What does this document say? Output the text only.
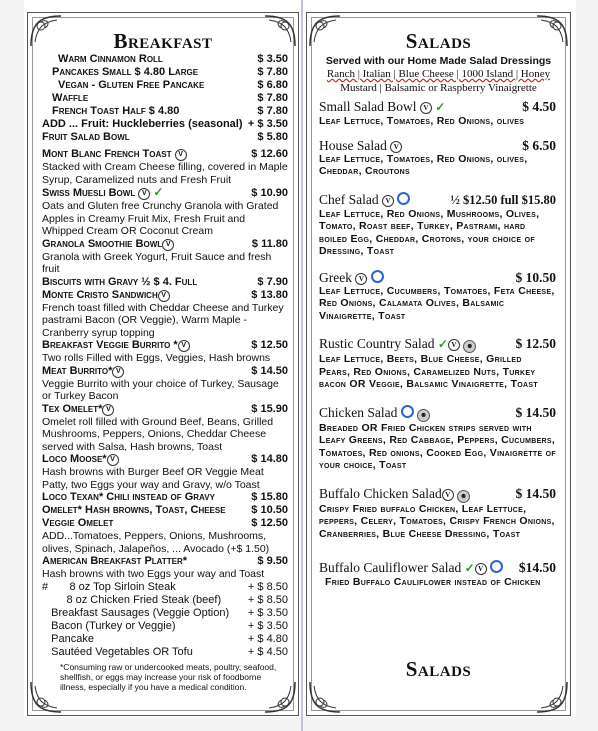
Breakfast
Warm Cinnamon Roll	$ 3.50
Pancakes Small $ 4.80 Large	$ 7.80
Vegan - Gluten Free Pancake	$ 6.80
Waffle	$ 7.80
French Toast Half $ 4.80	$ 7.80
ADD ... Fruit: Huckleberries (seasonal) + $ 3.50
Fruit Salad Bowl	$ 5.80
Mont Blanc French Toast V	$ 12.60
Stacked with Cream Cheese filling, covered in Maple Syrup, Caramelized nuts and Fresh Fruit
Swiss Muesli Bowl V ✓	$ 10.90
Oats and Gluten free Crunchy Granola with Grated Apples in Creamy Fruit Mix, Fresh Fruit and Whipped Cream OR Coconut Cream
Granola Smoothie Bowl V	$ 11.80
Granola with Greek Yogurt, Fruit Sauce and fresh fruit
Biscuits with Gravy ½ $ 4. Full	$ 7.90
Monte Cristo Sandwich V	$ 13.80
French toast filled with Cheddar Cheese and Turkey pastrami Bacon (OR Veggie), Warm Maple - Cranberry syrup topping
Breakfast Veggie Burrito * V	$ 12.50
Two rolls Filled with Eggs, Veggies, Hash browns
Meat Burrito* V	$ 14.50
Veggie Burrito with your choice of Turkey, Sausage or Turkey Bacon
Tex Omelet* V	$ 15.90
Omelet roll filled with Ground Beef, Beans, Grilled Mushrooms, Peppers, Onions, Cheddar Cheese served with Salsa, Hash browns, Toast
Loco Moose* V	$ 14.80
Hash browns with Burger Beef OR Veggie Meat Patty, two Eggs your way and Gravy, w/o Toast
Loco Texan* Chili instead of Gravy	$ 15.80
Omelet* Hash browns, Toast, Cheese $ 10.50
Veggie Omelet	$ 12.50
ADD...Tomatoes, Peppers, Onions, Mushrooms, olives, Spinach, Jalapeños, ... Avocado (+$ 1.50)
American Breakfast Platter*	$ 9.50
Hash browns with two Eggs your way and Toast
#       8 oz Top Sirloin Steak	+ $ 8.50
8 oz Chicken Fried Steak (beef) + $ 8.50
Breakfast Sausages (Veggie Option) + $ 3.50
Bacon (Turkey or Veggie)	+ $ 3.50
Pancake	+ $ 4.80
Sautéed Vegetables OR Tofu	+ $ 4.50
*Consuming raw or undercooked meats, poultry, seafood, shellfish, or eggs may increase your risk of foodborne illness, especially if you have a medical condition.
Salads
Served with our Home Made Salad Dressings
Ranch | Italian | Blue Cheese | 1000 Island | Honey
Mustard | Balsamic or Raspberry Vinaigrette
Small Salad Bowl V ✓	$ 4.50
Leaf Lettuce, Tomatoes, Red Onions, olives
House Salad V	$ 6.50
Leaf Lettuce, Tomatoes, Red Onions, olives, Cheddar, Croutons
Chef Salad V	½ $12.50 full $15.80
Leaf Lettuce, Red Onions, Mushrooms, Olives, Tomato, Roast beef, Turkey, Pastrami, hard boiled Egg, Cheddar, Crotons, your choice of Dressing, Toast
Greek V	$ 10.50
Leaf Lettuce, Cucumbers, Tomatoes, Feta Cheese, Red Onions, Calamata Olives, Balsamic Vinaigrette, Toast
Rustic Country Salad ✓ V ☻	$ 12.50
Leaf Lettuce, Beets, Blue Cheese, Grilled Pears, Red Onions, Caramelized Nuts, Turkey bacon OR Veggie, Balsamic Vinaigrette, Toast
Chicken Salad	☻	$ 14.50
Breaded OR Fried Chicken strips served with Leafy Greens, Red Cabbage, Peppers, Cucumbers, Tomatoes, Red onions, Cooked Egg, Vinaigrette of your choice, Toast
Buffalo Chicken Salad V ☻	$ 14.50
Crispy Fried buffalo Chicken, Leaf Lettuce, peppers, Celery, Tomatoes, Crispy French Onions, Cranberries, Blue Cheese Dressing, Toast
Buffalo Cauliflower Salad ✓ V	$14.50
Fried Buffalo Cauliflower instead of Chicken
Salads
